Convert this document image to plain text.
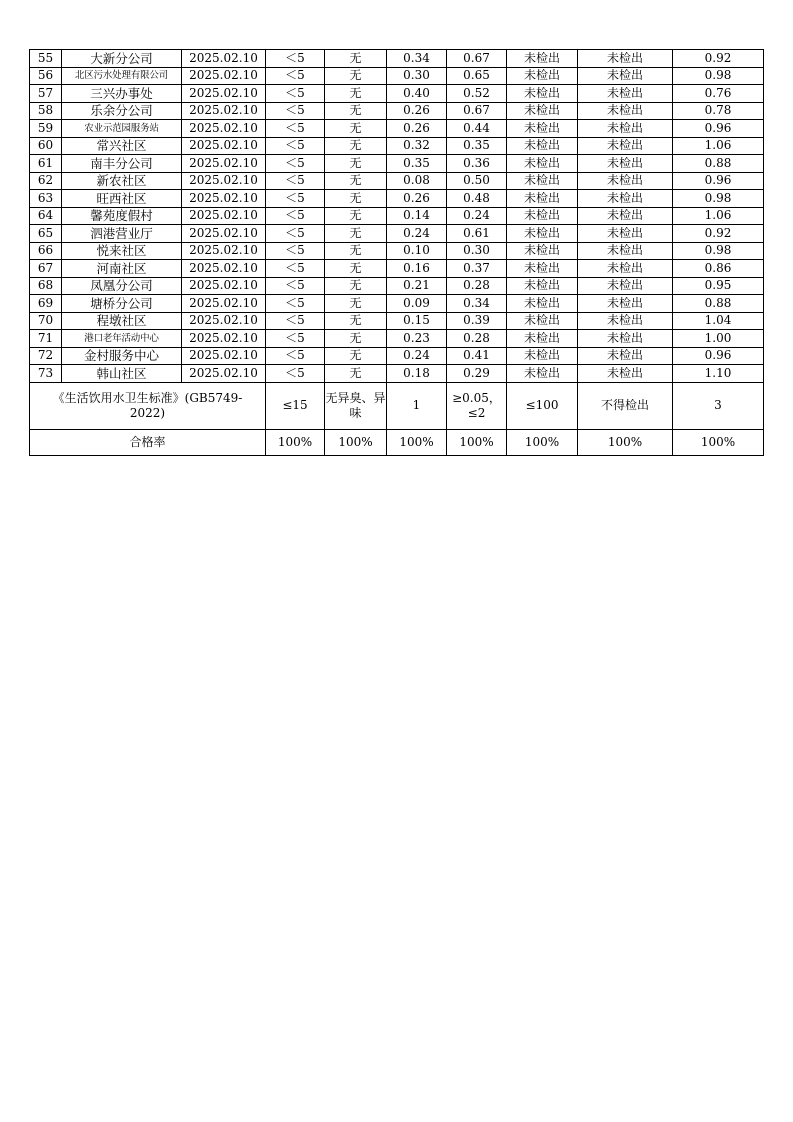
55	大新分公司	2025.02.10	＜5	无	0.34	0.67	未检出	未检出	0.92
56	北区污水处理有限公司	2025.02.10	＜5	无	0.30	0.65	未检出	未检出	0.98
57	三兴办事处	2025.02.10	＜5	无	0.40	0.52	未检出	未检出	0.76
58	乐余分公司	2025.02.10	＜5	无	0.26	0.67	未检出	未检出	0.78
59	农业示范园服务站	2025.02.10	＜5	无	0.26	0.44	未检出	未检出	0.96
60	常兴社区	2025.02.10	＜5	无	0.32	0.35	未检出	未检出	1.06
61	南丰分公司	2025.02.10	＜5	无	0.35	0.36	未检出	未检出	0.88
62	新农社区	2025.02.10	＜5	无	0.08	0.50	未检出	未检出	0.96
63	旺西社区	2025.02.10	＜5	无	0.26	0.48	未检出	未检出	0.98
64	馨苑度假村	2025.02.10	＜5	无	0.14	0.24	未检出	未检出	1.06
65	泗港营业厅	2025.02.10	＜5	无	0.24	0.61	未检出	未检出	0.92
66	悦来社区	2025.02.10	＜5	无	0.10	0.30	未检出	未检出	0.98
67	河南社区	2025.02.10	＜5	无	0.16	0.37	未检出	未检出	0.86
68	凤凰分公司	2025.02.10	＜5	无	0.21	0.28	未检出	未检出	0.95
69	塘桥分公司	2025.02.10	＜5	无	0.09	0.34	未检出	未检出	0.88
70	程墩社区	2025.02.10	＜5	无	0.15	0.39	未检出	未检出	1.04
71	港口老年活动中心	2025.02.10	＜5	无	0.23	0.28	未检出	未检出	1.00
72	金村服务中心	2025.02.10	＜5	无	0.24	0.41	未检出	未检出	0.96
73	韩山社区	2025.02.10	＜5	无	0.18	0.29	未检出	未检出	1.10
《生活饮用水卫生标准》(GB5749-2022)			≤15	无异臭、异味	1	≥0.05，≤2	≤100	不得检出	3
合格率			100%	100%	100%	100%	100%	100%	100%
